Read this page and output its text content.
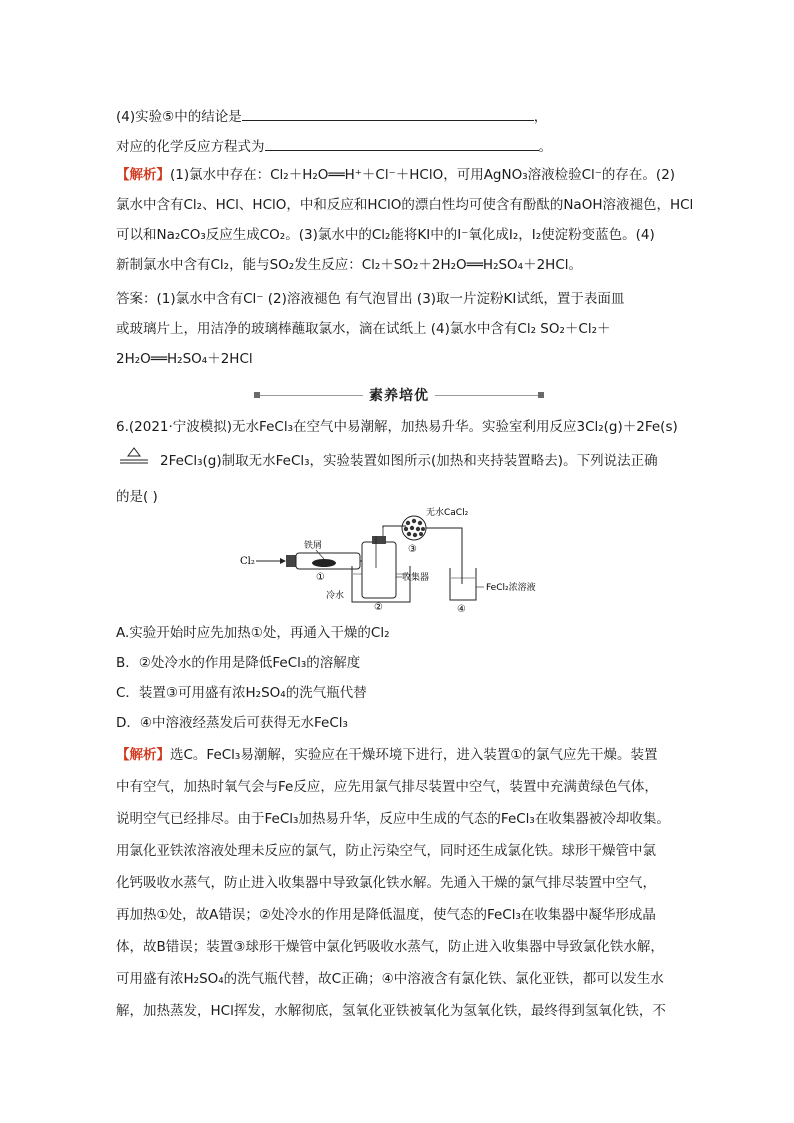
(4)实验⑤中的结论是	，
对应的化学反应方程式为	。
【解析】(1)氯水中存在：Cl₂＋H₂O══H⁺＋Cl⁻＋HClO，可用AgNO₃溶液检验Cl⁻的存在。(2)
氯水中含有Cl₂、HCl、HClO，中和反应和HClO的漂白性均可使含有酚酞的NaOH溶液褪色，HCl
可以和Na₂CO₃反应生成CO₂。(3)氯水中的Cl₂能将KI中的I⁻氧化成I₂，I₂使淀粉变蓝色。(4)
新制氯水中含有Cl₂，能与SO₂发生反应：Cl₂＋SO₂＋2H₂O══H₂SO₄＋2HCl。
答案：(1)氯水中含有Cl⁻ (2)溶液褪色 有气泡冒出 (3)取一片淀粉KI试纸，置于表面皿
或玻璃片上，用洁净的玻璃棒蘸取氯水，滴在试纸上 (4)氯水中含有Cl₂ SO₂＋Cl₂＋
2H₂O══H₂SO₄＋2HCl
素养培优
6.(2021·宁波模拟)无水FeCl₃在空气中易潮解，加热易升华。实验室利用反应3Cl₂(g)＋2Fe(s)
2FeCl₃(g)制取无水FeCl₃，实验装置如图所示(加热和夹持装置略去)。下列说法正确
的是( )
Cl₂
铁屑
①	收集器
冷水
②
无水CaCl₂
③
FeCl₂浓溶液
④
A.实验开始时应先加热①处，再通入干燥的Cl₂
B．②处冷水的作用是降低FeCl₃的溶解度
C．装置③可用盛有浓H₂SO₄的洗气瓶代替
D．④中溶液经蒸发后可获得无水FeCl₃
【解析】选C。FeCl₃易潮解，实验应在干燥环境下进行，进入装置①的氯气应先干燥。装置
中有空气，加热时氧气会与Fe反应，应先用氯气排尽装置中空气，装置中充满黄绿色气体，
说明空气已经排尽。由于FeCl₃加热易升华，反应中生成的气态的FeCl₃在收集器被冷却收集。
用氯化亚铁浓溶液处理未反应的氯气，防止污染空气，同时还生成氯化铁。球形干燥管中氯
化钙吸收水蒸气，防止进入收集器中导致氯化铁水解。先通入干燥的氯气排尽装置中空气，
再加热①处，故A错误；②处冷水的作用是降低温度，使气态的FeCl₃在收集器中凝华形成晶
体，故B错误；装置③球形干燥管中氯化钙吸收水蒸气，防止进入收集器中导致氯化铁水解，
可用盛有浓H₂SO₄的洗气瓶代替，故C正确；④中溶液含有氯化铁、氯化亚铁，都可以发生水
解，加热蒸发，HCl挥发，水解彻底，氢氧化亚铁被氧化为氢氧化铁，最终得到氢氧化铁，不
